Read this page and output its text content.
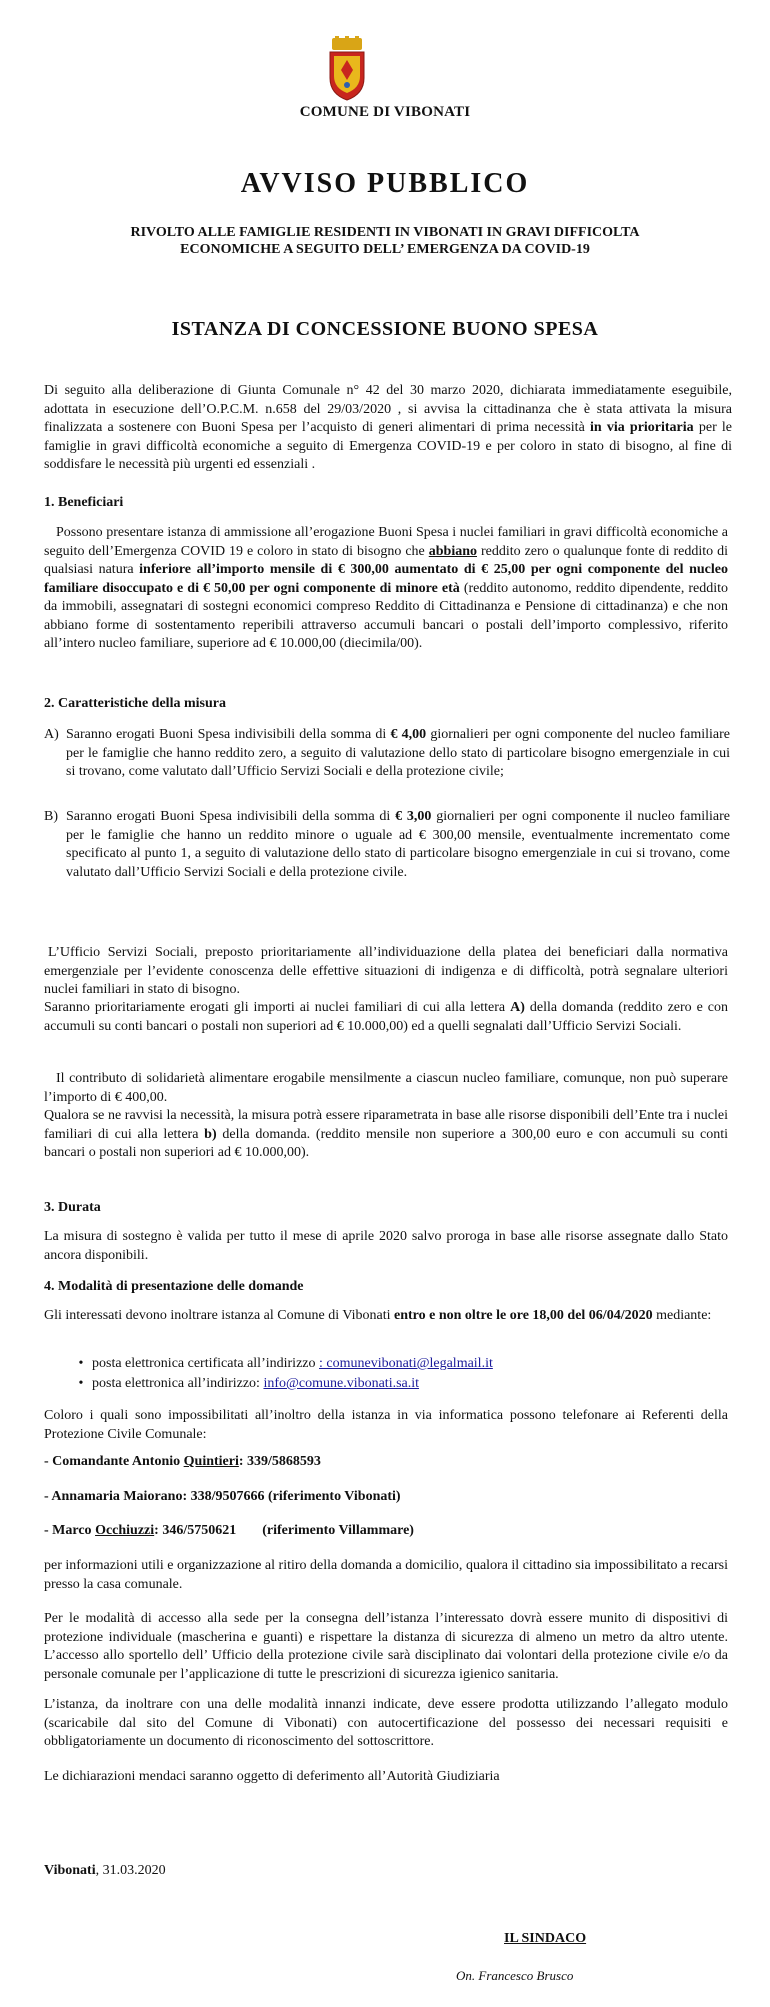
COMUNE DI VIBONATI
AVVISO PUBBLICO
RIVOLTO ALLE FAMIGLIE RESIDENTI IN VIBONATI IN GRAVI DIFFICOLTA
ECONOMICHE A SEGUITO DELL’ EMERGENZA DA COVID-19
ISTANZA DI CONCESSIONE BUONO SPESA
Di seguito alla deliberazione di Giunta Comunale n° 42 del 30 marzo 2020, dichiarata immediatamente eseguibile, adottata in esecuzione dell’O.P.C.M. n.658 del 29/03/2020 , si avvisa la cittadinanza che è stata attivata la misura finalizzata a sostenere con Buoni Spesa per l’acquisto di generi alimentari di prima necessità in via prioritaria per le famiglie in gravi difficoltà economiche a seguito di Emergenza COVID-19 e per coloro in stato di bisogno, al fine di soddisfare le necessità più urgenti ed essenziali .
1. Beneficiari
Possono presentare istanza di ammissione all’erogazione Buoni Spesa i nuclei familiari in gravi difficoltà economiche a seguito dell’Emergenza COVID 19 e coloro in stato di bisogno che abbiano reddito zero o qualunque fonte di reddito di qualsiasi natura inferiore all’importo mensile di € 300,00 aumentato di € 25,00 per ogni componente del nucleo familiare disoccupato e di € 50,00 per ogni componente di minore età (reddito autonomo, reddito dipendente, reddito da immobili, assegnatari di sostegni economici compreso Reddito di Cittadinanza e Pensione di cittadinanza) e che non abbiano forme di sostentamento reperibili attraverso accumuli bancari o postali dell’importo complessivo, riferito all’intero nucleo familiare, superiore ad € 10.000,00 (diecimila/00).
2. Caratteristiche della misura
A) Saranno erogati Buoni Spesa indivisibili della somma di € 4,00 giornalieri per ogni componente del nucleo familiare per le famiglie che hanno reddito zero, a seguito di valutazione dello stato di particolare bisogno emergenziale in cui si trovano, come valutato dall’Ufficio Servizi Sociali e della protezione civile;
B) Saranno erogati Buoni Spesa indivisibili della somma di € 3,00 giornalieri per ogni componente il nucleo familiare per le famiglie che hanno un reddito minore o uguale ad € 300,00 mensile, eventualmente incrementato come specificato al punto 1, a seguito di valutazione dello stato di particolare bisogno emergenziale in cui si trovano, come valutato dall’Ufficio Servizi Sociali e della protezione civile.
L’Ufficio Servizi Sociali, preposto prioritariamente all’individuazione della platea dei beneficiari dalla normativa emergenziale per l’evidente conoscenza delle effettive situazioni di indigenza e di difficoltà, potrà segnalare ulteriori nuclei familiari in stato di bisogno.
Saranno prioritariamente erogati gli importi ai nuclei familiari di cui alla lettera A) della domanda (reddito zero e con accumuli su conti bancari o postali non superiori ad € 10.000,00) ed a quelli segnalati dall’Ufficio Servizi Sociali.
Il contributo di solidarietà alimentare erogabile mensilmente a ciascun nucleo familiare, comunque, non può superare l’importo di € 400,00.
Qualora se ne ravvisi la necessità, la misura potrà essere riparametrata in base alle risorse disponibili dell’Ente tra i nuclei familiari di cui alla lettera b) della domanda. (reddito mensile non superiore a 300,00 euro e con accumuli su conti bancari o postali non superiori ad € 10.000,00).
3. Durata
La misura di sostegno è valida per tutto il mese di aprile 2020 salvo proroga in base alle risorse assegnate dallo Stato ancora disponibili.
4. Modalità di presentazione delle domande
Gli interessati devono inoltrare istanza al Comune di Vibonati entro e non oltre le ore 18,00 del 06/04/2020 mediante:
• posta elettronica certificata all’indirizzo : comunevibonati@legalmail.it
• posta elettronica all’indirizzo: info@comune.vibonati.sa.it
Coloro i quali sono impossibilitati all’inoltro della istanza in via informatica possono telefonare ai Referenti della Protezione Civile Comunale:
- Comandante Antonio Quintieri: 339/5868593
- Annamaria Maiorano: 338/9507666 (riferimento Vibonati)
- Marco Occhiuzzi: 346/5750621 (riferimento Villammare)
per informazioni utili e organizzazione al ritiro della domanda a domicilio, qualora il cittadino sia impossibilitato a recarsi presso la casa comunale.
Per le modalità di accesso alla sede per la consegna dell’istanza l’interessato dovrà essere munito di dispositivi di protezione individuale (mascherina e guanti) e rispettare la distanza di sicurezza di almeno un metro da altro utente. L’accesso allo sportello dell’ Ufficio della protezione civile sarà disciplinato dai volontari della protezione civile e/o da personale comunale per l’applicazione di tutte le prescrizioni di sicurezza igienico sanitaria.
L’istanza, da inoltrare con una delle modalità innanzi indicate, deve essere prodotta utilizzando l’allegato modulo (scaricabile dal sito del Comune di Vibonati) con autocertificazione del possesso dei necessari requisiti e obbligatoriamente un documento di riconoscimento del sottoscrittore.
Le dichiarazioni mendaci saranno oggetto di deferimento all’Autorità Giudiziaria
Vibonati, 31.03.2020
IL SINDACO
On. Francesco Brusco
